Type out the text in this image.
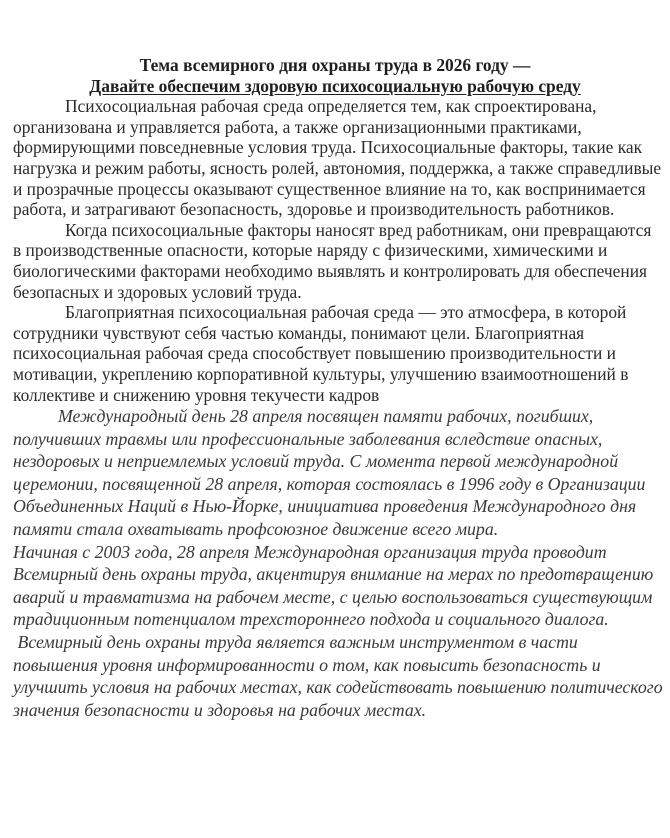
Тема всемирного дня охраны труда в 2026 году —
Давайте обеспечим здоровую психосоциальную рабочую среду

Психосоциальная рабочая среда определяется тем, как спроектирована, организована и управляется работа, а также организационными практиками, формирующими повседневные условия труда. Психосоциальные факторы, такие как нагрузка и режим работы, ясность ролей, автономия, поддержка, а также справедливые и прозрачные процессы оказывают существенное влияние на то, как воспринимается работа, и затрагивают безопасность, здоровье и производительность работников.

Когда психосоциальные факторы наносят вред работникам, они превращаются в производственные опасности, которые наряду с физическими, химическими и биологическими факторами необходимо выявлять и контролировать для обеспечения безопасных и здоровых условий труда.

Благоприятная психосоциальная рабочая среда — это атмосфера, в которой сотрудники чувствуют себя частью команды, понимают цели. Благоприятная психосоциальная рабочая среда способствует повышению производительности и мотивации, укреплению корпоративной культуры, улучшению взаимоотношений в коллективе и снижению уровня текучести кадров

Международный день 28 апреля посвящен памяти рабочих, погибших, получивших травмы или профессиональные заболевания вследствие опасных, нездоровых и неприемлемых условий труда. С момента первой международной церемонии, посвященной 28 апреля, которая состоялась в 1996 году в Организации Объединенных Наций в Нью-Йорке, инициатива проведения Международного дня памяти стала охватывать профсоюзное движение всего мира.

Начиная с 2003 года, 28 апреля Международная организация труда проводит Всемирный день охраны труда, акцентируя внимание на мерах по предотвращению аварий и травматизма на рабочем месте, с целью воспользоваться существующим традиционным потенциалом трехстороннего подхода и социального диалога.

Всемирный день охраны труда является важным инструментом в части повышения уровня информированности о том, как повысить безопасность и улучшить условия на рабочих местах, как содействовать повышению политического значения безопасности и здоровья на рабочих местах.
